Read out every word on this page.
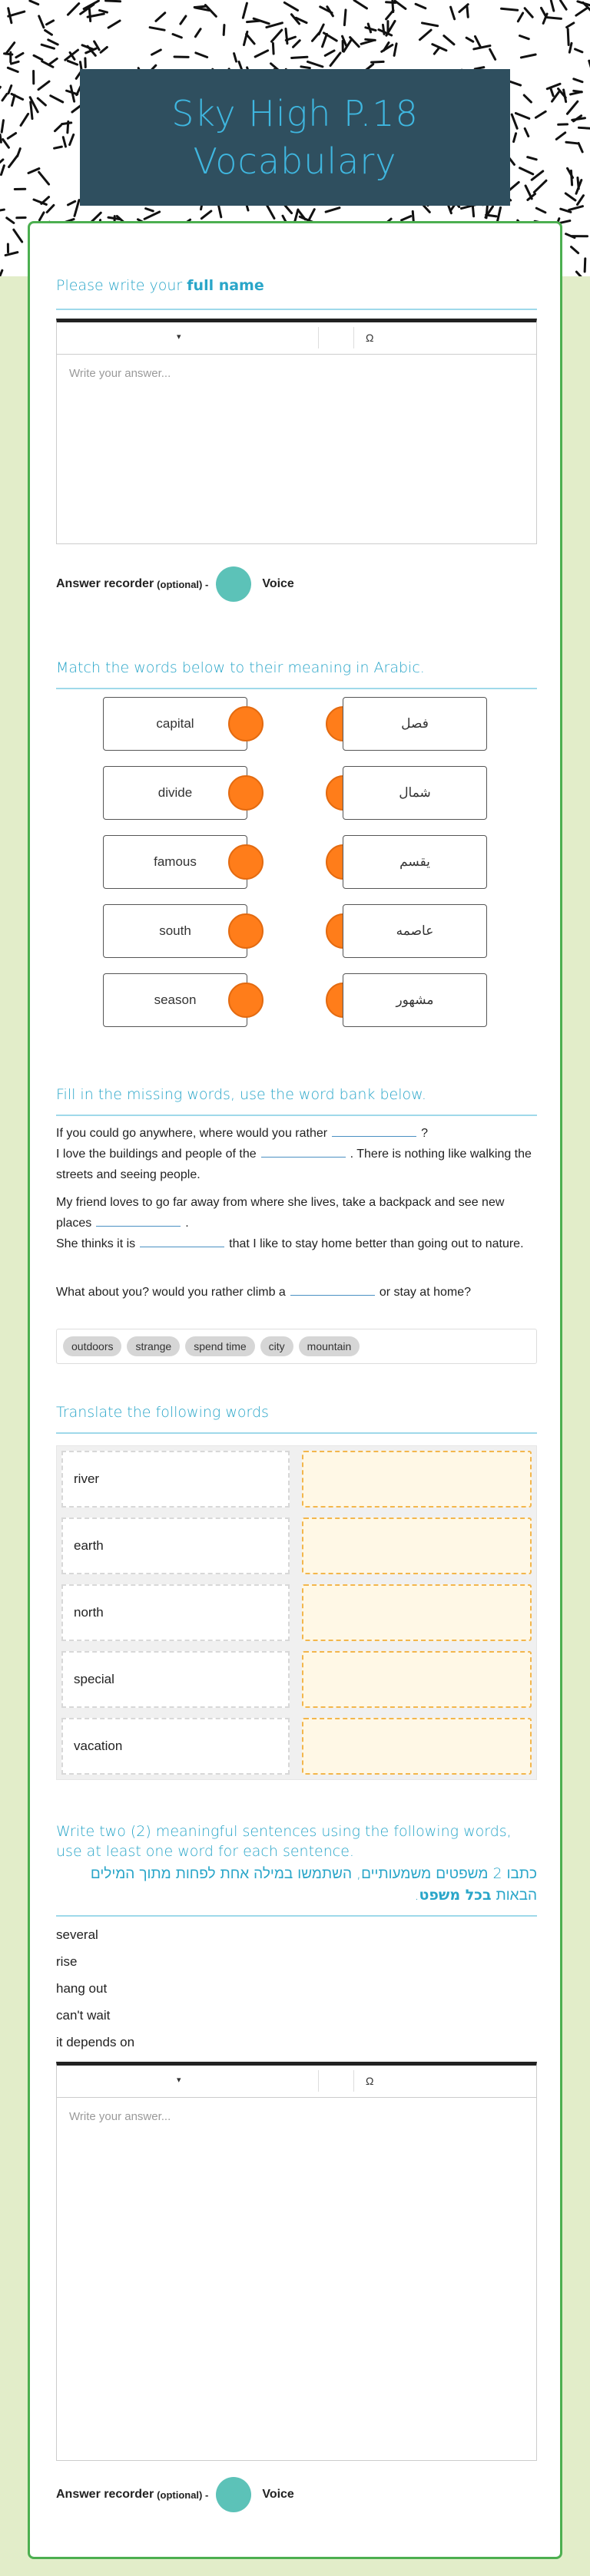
Sky High P.18
Vocabulary
Please write your full name
▾	Ω
Write your answer...
Answer recorder (optional) -	Voice
Match the words below to their meaning in Arabic.
capital	فصل
divide	شمال
famous	يقسم
south	عاصمه
season	مشهور
Fill in the missing words, use the word bank below.
If you could go anywhere, where would you rather	?
I love the buildings and people of the	. There is nothing like walking the streets and seeing people.
My friend loves to go far away from where she lives, take a backpack and see new places	.
She thinks it is	that I like to stay home better than going out to nature.
What about you? would you rather climb a	or stay at home?
outdoors	strange	spend time	city	mountain
Translate the following words
river
earth
north
special
vacation
Write two (2) meaningful sentences using the following words, use at least one word for each sentence.
כתבו 2 משפטים משמעותיים, השתמשו במילה אחת לפחות מתוך המילים הבאות בכל משפט.
several
rise
hang out
can't wait
it depends on
▾	Ω
Write your answer...
Answer recorder (optional) -	Voice
